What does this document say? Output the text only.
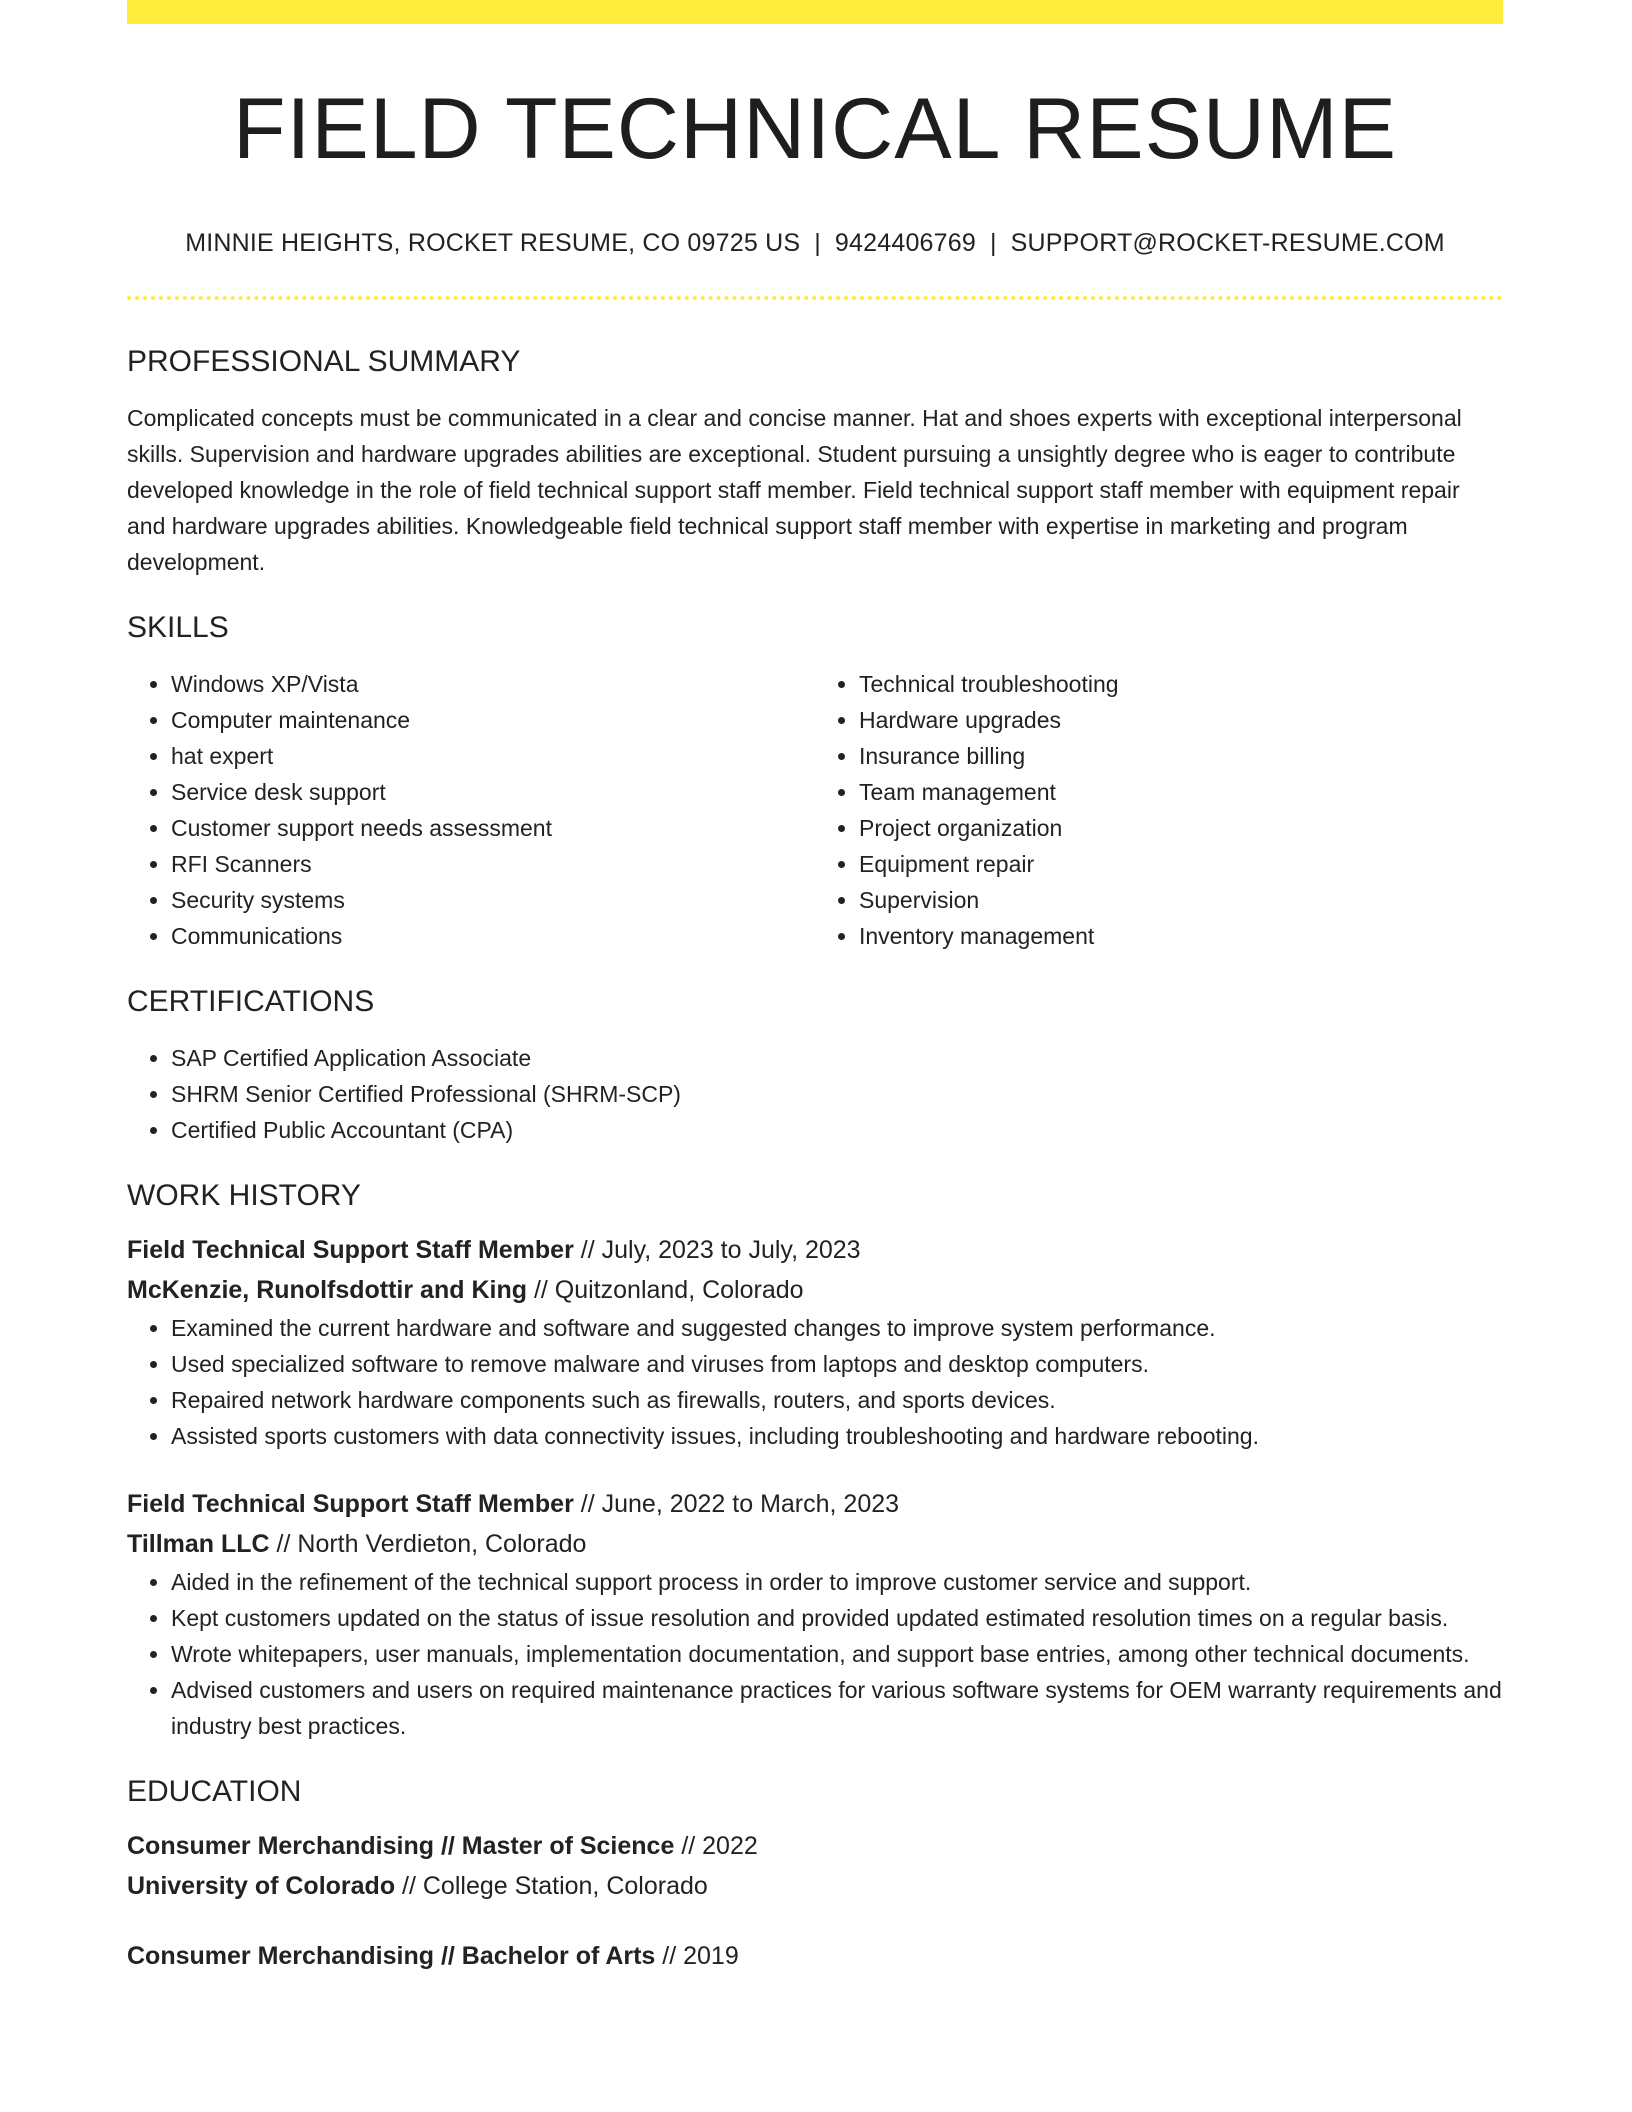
FIELD TECHNICAL RESUME
MINNIE HEIGHTS, ROCKET RESUME, CO 09725 US | 9424406769 | SUPPORT@ROCKET-RESUME.COM
PROFESSIONAL SUMMARY

Complicated concepts must be communicated in a clear and concise manner. Hat and shoes experts with exceptional interpersonal skills. Supervision and hardware upgrades abilities are exceptional. Student pursuing a unsightly degree who is eager to contribute developed knowledge in the role of field technical support staff member. Field technical support staff member with equipment repair and hardware upgrades abilities. Knowledgeable field technical support staff member with expertise in marketing and program development.

SKILLS
• Windows XP/Vista
• Computer maintenance
• hat expert
• Service desk support
• Customer support needs assessment
• RFI Scanners
• Security systems
• Communications
• Technical troubleshooting
• Hardware upgrades
• Insurance billing
• Team management
• Project organization
• Equipment repair
• Supervision
• Inventory management
CERTIFICATIONS
• SAP Certified Application Associate
• SHRM Senior Certified Professional (SHRM-SCP)
• Certified Public Accountant (CPA)
WORK HISTORY
Field Technical Support Staff Member // July, 2023 to July, 2023
McKenzie, Runolfsdottir and King // Quitzonland, Colorado
• Examined the current hardware and software and suggested changes to improve system performance.
• Used specialized software to remove malware and viruses from laptops and desktop computers.
• Repaired network hardware components such as firewalls, routers, and sports devices.
• Assisted sports customers with data connectivity issues, including troubleshooting and hardware rebooting.
Field Technical Support Staff Member // June, 2022 to March, 2023
Tillman LLC // North Verdieton, Colorado
• Aided in the refinement of the technical support process in order to improve customer service and support.
• Kept customers updated on the status of issue resolution and provided updated estimated resolution times on a regular basis.
• Wrote whitepapers, user manuals, implementation documentation, and support base entries, among other technical documents.
• Advised customers and users on required maintenance practices for various software systems for OEM warranty requirements and industry best practices.
EDUCATION
Consumer Merchandising // Master of Science // 2022
University of Colorado // College Station, Colorado
Consumer Merchandising // Bachelor of Arts // 2019
